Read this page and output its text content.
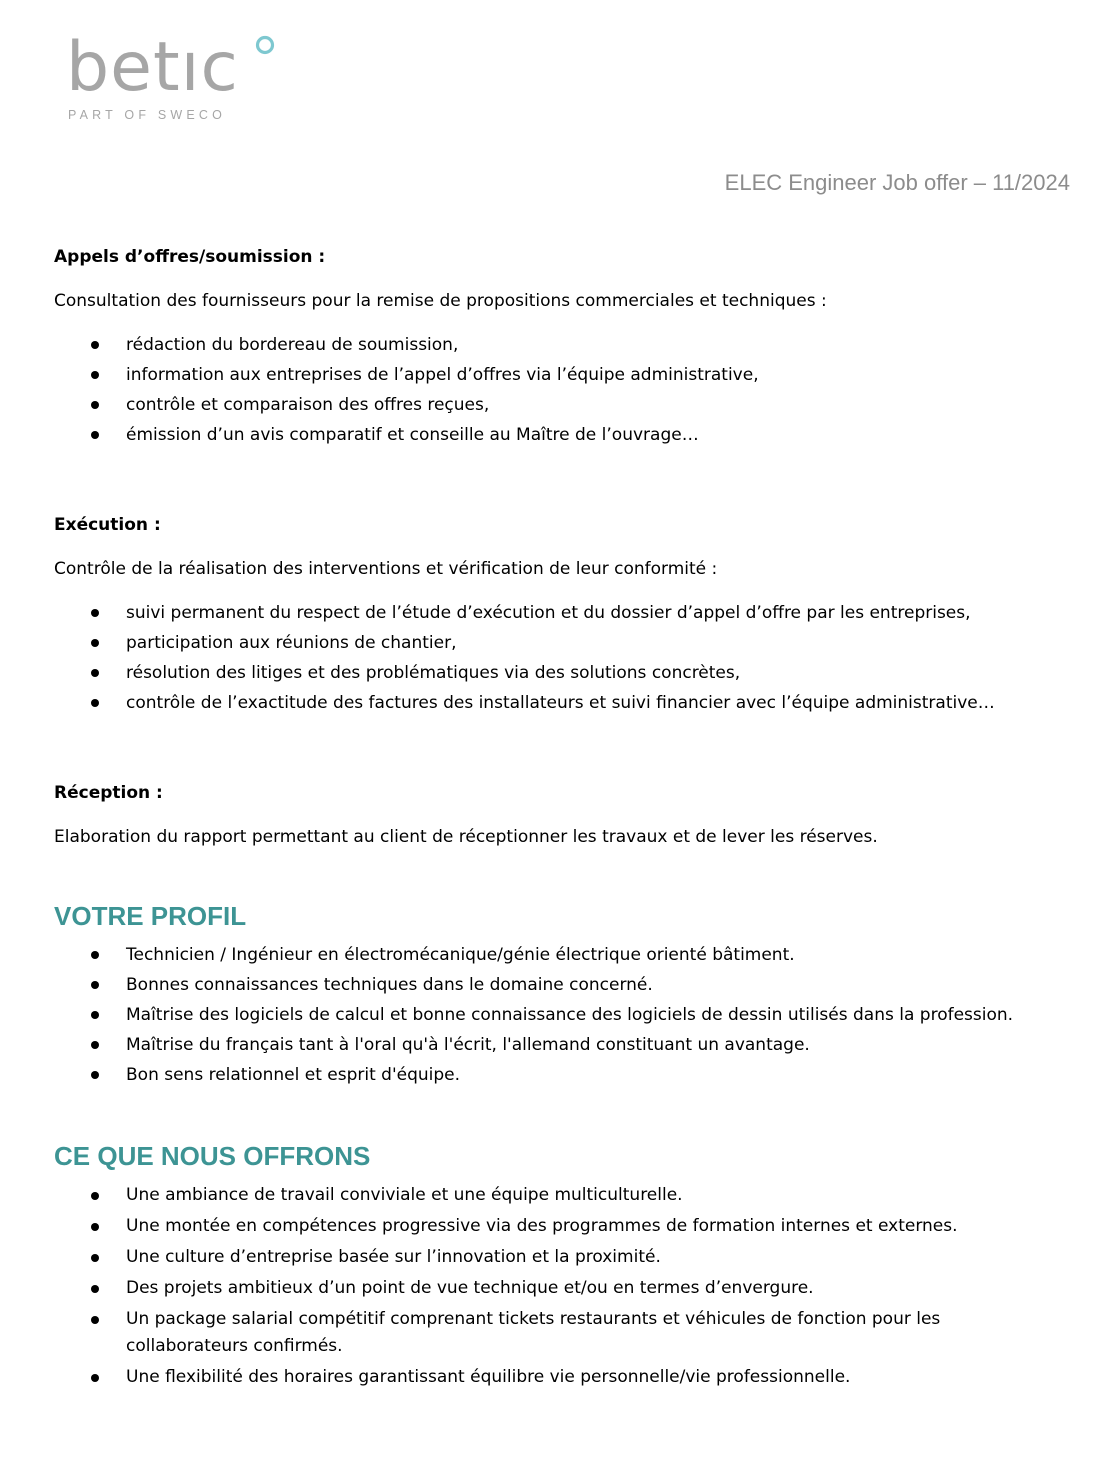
betıc
PART OF SWECO
ELEC Engineer Job offer – 11/2024

Appels d’offres/soumission :

Consultation des fournisseurs pour la remise de propositions commerciales et techniques :

rédaction du bordereau de soumission,
information aux entreprises de l’appel d’offres via l’équipe administrative,
contrôle et comparaison des offres reçues,
émission d’un avis comparatif et conseille au Maître de l’ouvrage…

Exécution :

Contrôle de la réalisation des interventions et vérification de leur conformité :

suivi permanent du respect de l’étude d’exécution et du dossier d’appel d’offre par les entreprises,
participation aux réunions de chantier,
résolution des litiges et des problématiques via des solutions concrètes,
contrôle de l’exactitude des factures des installateurs et suivi financier avec l’équipe administrative…

Réception :

Elaboration du rapport permettant au client de réceptionner les travaux et de lever les réserves.

VOTRE PROFIL

Technicien / Ingénieur en électromécanique/génie électrique orienté bâtiment.
Bonnes connaissances techniques dans le domaine concerné.
Maîtrise des logiciels de calcul et bonne connaissance des logiciels de dessin utilisés dans la profession.
Maîtrise du français tant à l'oral qu'à l'écrit, l'allemand constituant un avantage.
Bon sens relationnel et esprit d'équipe.

CE QUE NOUS OFFRONS

Une ambiance de travail conviviale et une équipe multiculturelle.
Une montée en compétences progressive via des programmes de formation internes et externes.
Une culture d’entreprise basée sur l’innovation et la proximité.
Des projets ambitieux d’un point de vue technique et/ou en termes d’envergure.
Un package salarial compétitif comprenant tickets restaurants et véhicules de fonction pour les collaborateurs confirmés.
Une flexibilité des horaires garantissant équilibre vie personnelle/vie professionnelle.
